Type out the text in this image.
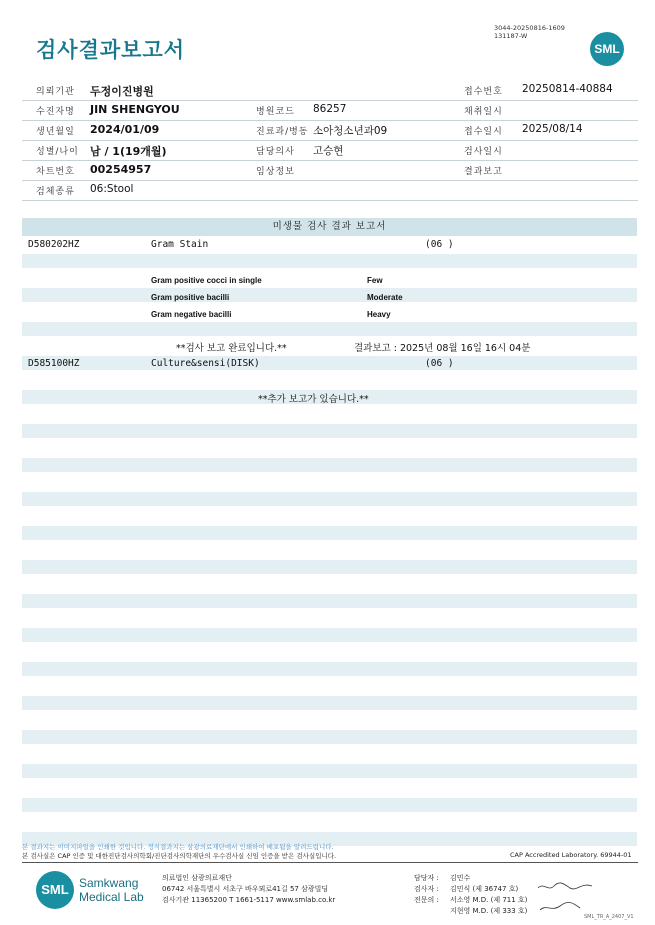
검사결과보고서
3044-20250816-1609
131187-W
SML
의뢰기관 두정이진병원	접수번호 20250814-40884
수진자명 JIN SHENGYOU	병원코드 86257	채취일시
생년월일 2024/01/09	진료과/병동 소아청소년과09	접수일시 2025/08/14
성별/나이 남 / 1(19개월)	담당의사 고승현	검사일시
차트번호 00254957	임상정보	결과보고
검체종류 06:Stool
미생물 검사 결과 보고서
D580202HZ	Gram Stain	(06 )
Gram positive cocci in single	Few
Gram positive bacilli	Moderate
Gram negative bacilli	Heavy
**검사 보고 완료입니다.**	결과보고 : 2025년 08월 16일 16시 04분
D585100HZ	Culture&sensi(DISK)	(06 )
**추가 보고가 있습니다.**
본 결과지는 이미지파일을 인쇄한 것입니다. 정식결과지는 삼광의료재단에서 인쇄하여 배포됨을 알려드립니다.
본 검사실은 CAP 인증 및 대한진단검사의학회/진단검사의학재단의 우수검사실 신임 인증을 받은 검사실입니다.	CAP Accredited Laboratory. 69944-01
SML Samkwang
Medical Lab
의료법인 삼광의료재단
06742 서울특별시 서초구 바우뫼로41길 57 삼광빌딩
검사기관 11365200 T 1661-5117 www.smlab.co.kr
담당자 : 김민수
검사자 : 김민식 (제 36747 호)
전문의 : 서소영 M.D. (제 711 호)
지현영 M.D. (제 333 호)
SML_TR_A_2407_V1
